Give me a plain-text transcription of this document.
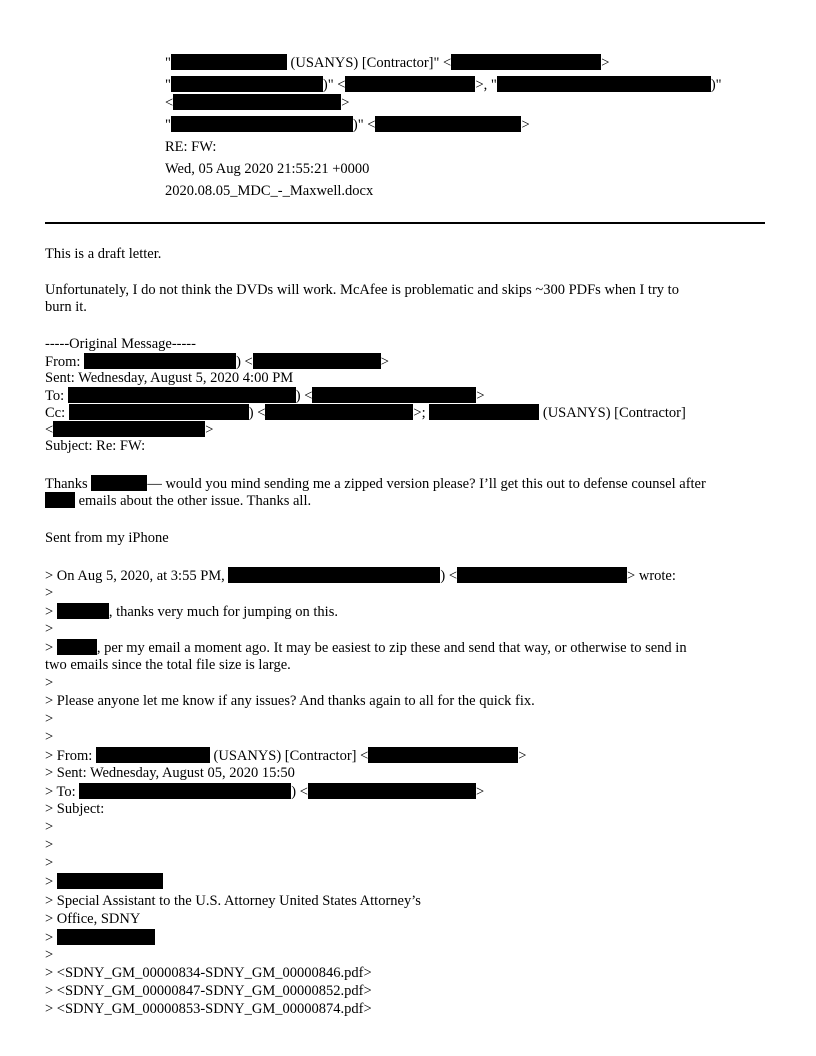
"	(USANYS) [Contractor]" <	>
"	)" <	>, "	)"
<	>
"	)" <	>
RE: FW:
Wed, 05 Aug 2020 21:55:21 +0000
2020.08.05_MDC_-_Maxwell.docx
This is a draft letter.
Unfortunately, I do not think the DVDs will work. McAfee is problematic and skips ~300 PDFs when I try to
burn it.
-----Original Message-----
From:	) <	>
Sent: Wednesday, August 5, 2020 4:00 PM
To:	) <	>
Cc:	) <	>;	(USANYS) [Contractor]
<	>
Subject: Re: FW:
Thanks	— would you mind sending me a zipped version please? I’ll get this out to defense counsel after
emails about the other issue. Thanks all.
Sent from my iPhone
> On Aug 5, 2020, at 3:55 PM,	) <	> wrote:
>
>	, thanks very much for jumping on this.
>
>	, per my email a moment ago. It may be easiest to zip these and send that way, or otherwise to send in
two emails since the total file size is large.
>
> Please anyone let me know if any issues? And thanks again to all for the quick fix.
>
>
> From:	(USANYS) [Contractor] <	>
> Sent: Wednesday, August 05, 2020 15:50
> To:	) <	>
> Subject:
>
>
>
>
> Special Assistant to the U.S. Attorney United States Attorney’s
> Office, SDNY
>
>
> <SDNY_GM_00000834-SDNY_GM_00000846.pdf>
> <SDNY_GM_00000847-SDNY_GM_00000852.pdf>
> <SDNY_GM_00000853-SDNY_GM_00000874.pdf>
